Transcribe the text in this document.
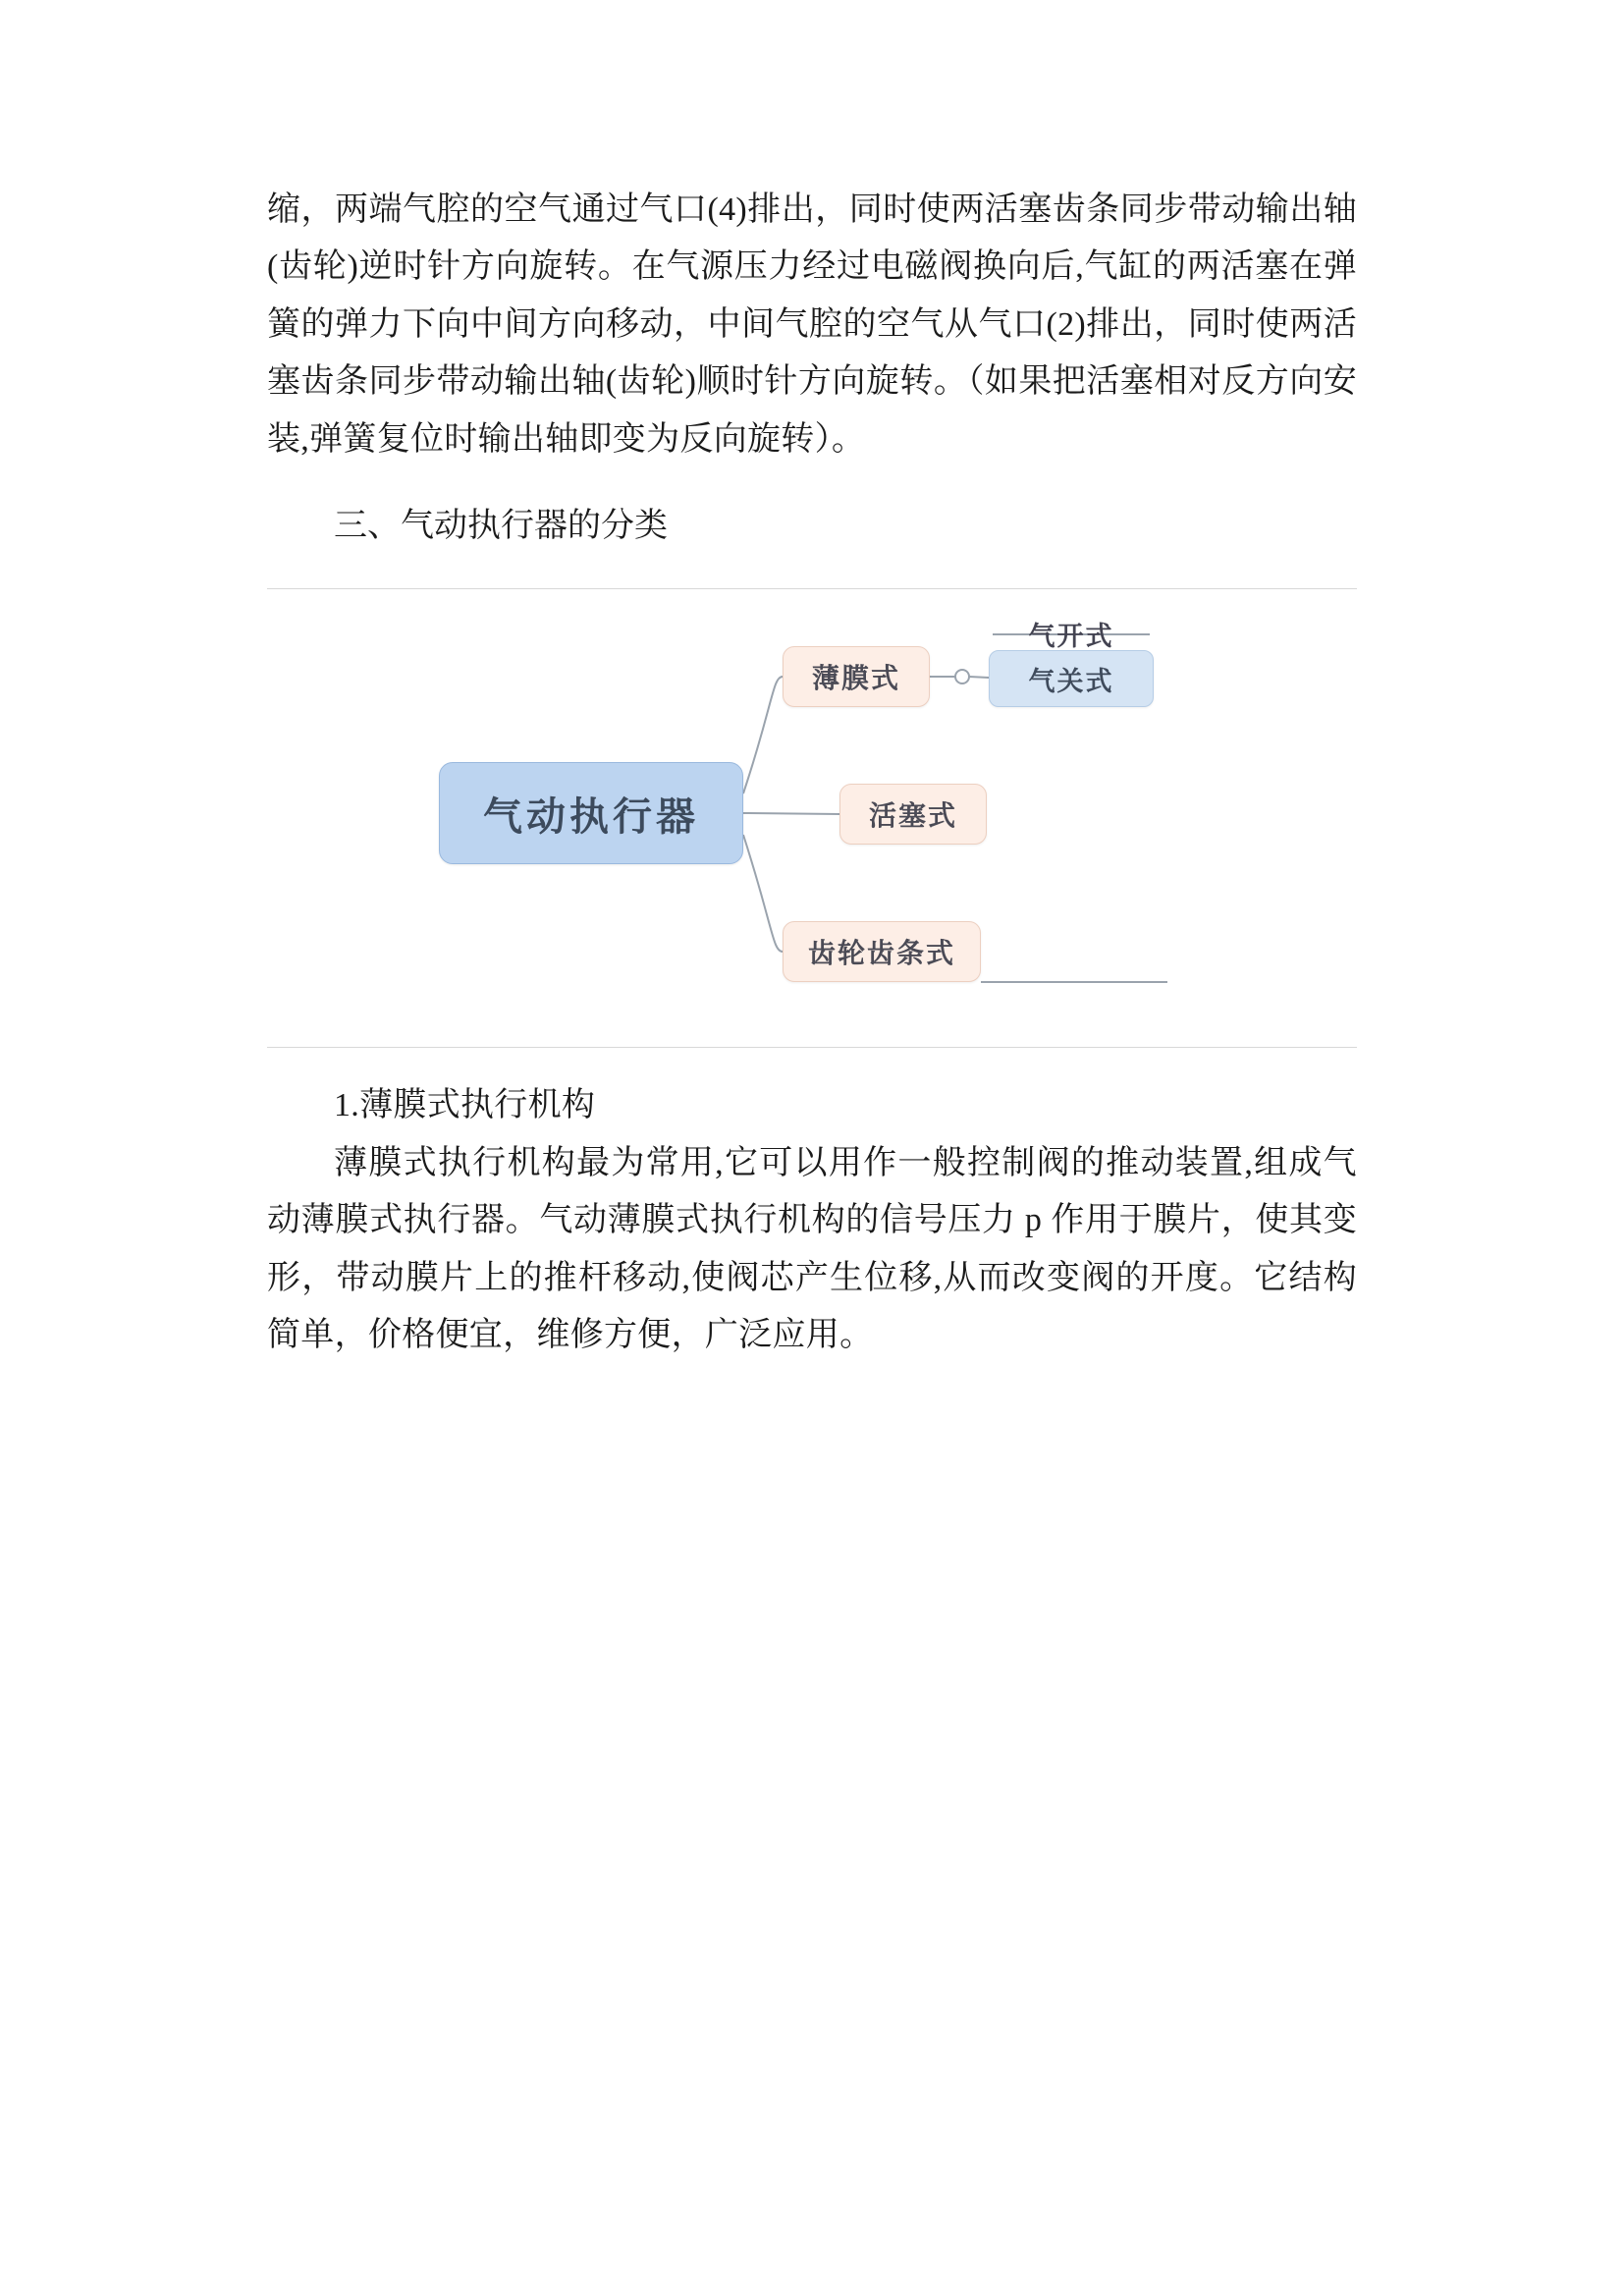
缩，两端气腔的空气通过气口(4)排出，同时使两活塞齿条同步带动输出轴(齿轮)逆时针方向旋转。在气源压力经过电磁阀换向后,气缸的两活塞在弹簧的弹力下向中间方向移动，中间气腔的空气从气口(2)排出，同时使两活塞齿条同步带动输出轴(齿轮)顺时针方向旋转。（如果把活塞相对反方向安装,弹簧复位时输出轴即变为反向旋转）。

三、气动执行器的分类
气动执行器
薄膜式
活塞式
齿轮齿条式
气开式
气关式

1.薄膜式执行机构

薄膜式执行机构最为常用,它可以用作一般控制阀的推动装置,组成气动薄膜式执行器。气动薄膜式执行机构的信号压力 p 作用于膜片，使其变形，带动膜片上的推杆移动,使阀芯产生位移,从而改变阀的开度。它结构简单，价格便宜，维修方便，广泛应用。
